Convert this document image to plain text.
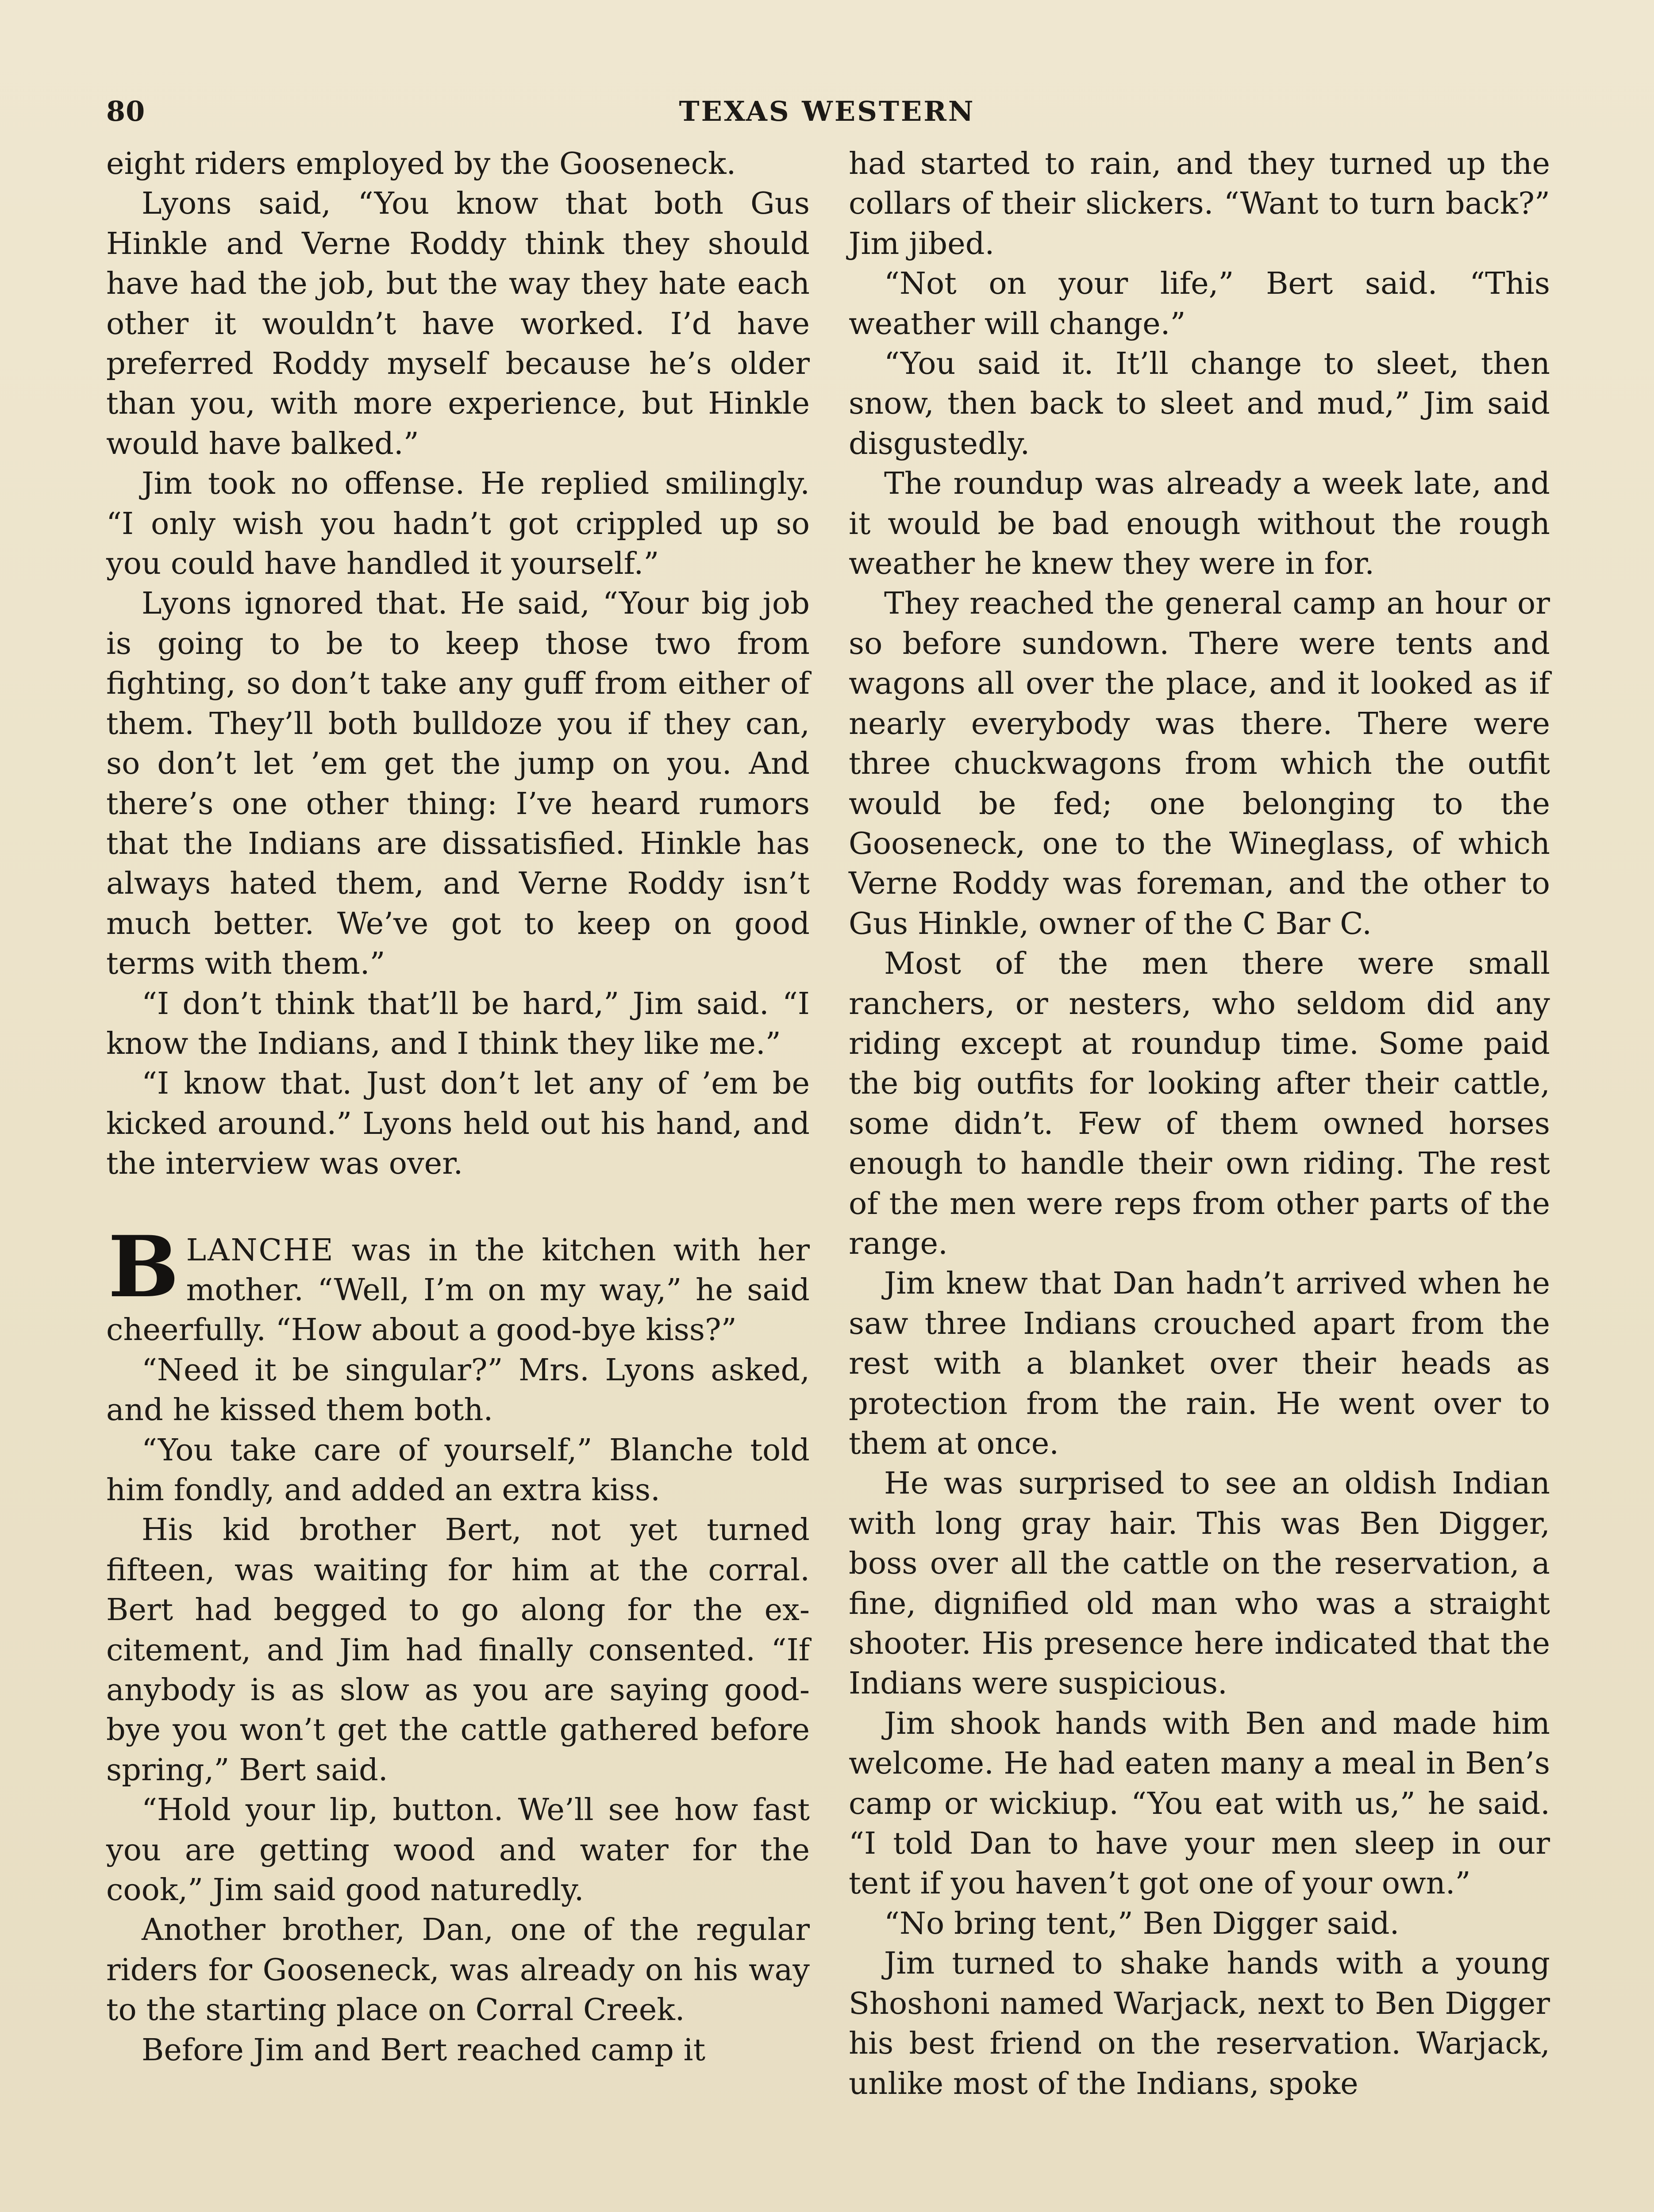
80	TEXAS WESTERN

eight riders employed by the Gooseneck.

Lyons said, “You know that both Gus Hinkle and Verne Roddy think they should have had the job, but the way they hate each other it wouldn’t have worked. I’d have preferred Roddy myself because he’s older than you, with more experience, but Hinkle would have balked.”

Jim took no offense. He replied smilingly. “I only wish you hadn’t got crippled up so you could have handled it yourself.”

Lyons ignored that. He said, “Your big job is going to be to keep those two from fighting, so don’t take any guff from either of them. They’ll both bulldoze you if they can, so don’t let ’em get the jump on you. And there’s one other thing: I’ve heard rumors that the Indians are dissatisfied. Hinkle has always hated them, and Verne Roddy isn’t much better. We’ve got to keep on good terms with them.”

“I don’t think that’ll be hard,” Jim said. “I know the Indians, and I think they like me.”

“I know that. Just don’t let any of ’em be kicked around.” Lyons held out his hand, and the interview was over.

BLANCHE was in the kitchen with her mother. “Well, I’m on my way,” he said cheerfully. “How about a good-bye kiss?”

“Need it be singular?” Mrs. Lyons asked, and he kissed them both.

“You take care of yourself,” Blanche told him fondly, and added an extra kiss.

His kid brother Bert, not yet turned fifteen, was waiting for him at the corral. Bert had begged to go along for the excitement, and Jim had finally consented. “If anybody is as slow as you are saying good-bye you won’t get the cattle gathered before spring,” Bert said.

“Hold your lip, button. We’ll see how fast you are getting wood and water for the cook,” Jim said good naturedly.

Another brother, Dan, one of the regular riders for Gooseneck, was already on his way to the starting place on Corral Creek.

Before Jim and Bert reached camp it

had started to rain, and they turned up the collars of their slickers. “Want to turn back?” Jim jibed.

“Not on your life,” Bert said. “This weather will change.”

“You said it. It’ll change to sleet, then snow, then back to sleet and mud,” Jim said disgustedly.

The roundup was already a week late, and it would be bad enough without the rough weather he knew they were in for.

They reached the general camp an hour or so before sundown. There were tents and wagons all over the place, and it looked as if nearly everybody was there. There were three chuckwagons from which the outfit would be fed; one belonging to the Gooseneck, one to the Wineglass, of which Verne Roddy was foreman, and the other to Gus Hinkle, owner of the C Bar C.

Most of the men there were small ranchers, or nesters, who seldom did any riding except at roundup time. Some paid the big outfits for looking after their cattle, some didn’t. Few of them owned horses enough to handle their own riding. The rest of the men were reps from other parts of the range.

Jim knew that Dan hadn’t arrived when he saw three Indians crouched apart from the rest with a blanket over their heads as protection from the rain. He went over to them at once.

He was surprised to see an oldish Indian with long gray hair. This was Ben Digger, boss over all the cattle on the reservation, a fine, dignified old man who was a straight shooter. His presence here indicated that the Indians were suspicious.

Jim shook hands with Ben and made him welcome. He had eaten many a meal in Ben’s camp or wickiup. “You eat with us,” he said. “I told Dan to have your men sleep in our tent if you haven’t got one of your own.”

“No bring tent,” Ben Digger said.

Jim turned to shake hands with a young Shoshoni named Warjack, next to Ben Digger his best friend on the reservation. Warjack, unlike most of the Indians, spoke
